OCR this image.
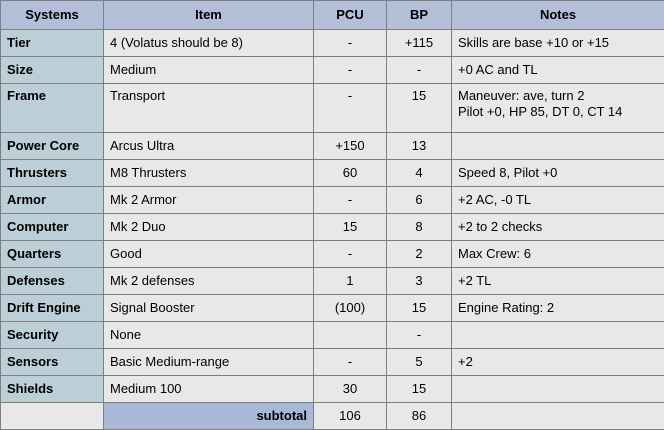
Systems	Item	PCU	BP	Notes
Tier	4 (Volatus should be 8)	-	+115	Skills are base +10 or +15
Size	Medium	-	-	+0 AC and TL
Frame	Transport	-	15	Maneuver: ave, turn 2
Pilot +0, HP 85, DT 0, CT 14

Power Core	Arcus Ultra	+150	13	
Thrusters	M8 Thrusters	60	4	Speed 8, Pilot +0
Armor	Mk 2 Armor	-	6	+2 AC, -0 TL
Computer	Mk 2 Duo	15	8	+2 to 2 checks
Quarters	Good	-	2	Max Crew: 6
Defenses	Mk 2 defenses	1	3	+2 TL
Drift Engine	Signal Booster	(100)	15	Engine Rating: 2
Security	None		-	
Sensors	Basic Medium-range	-	5	+2
Shields	Medium 100	30	15	
	subtotal	106	86	
